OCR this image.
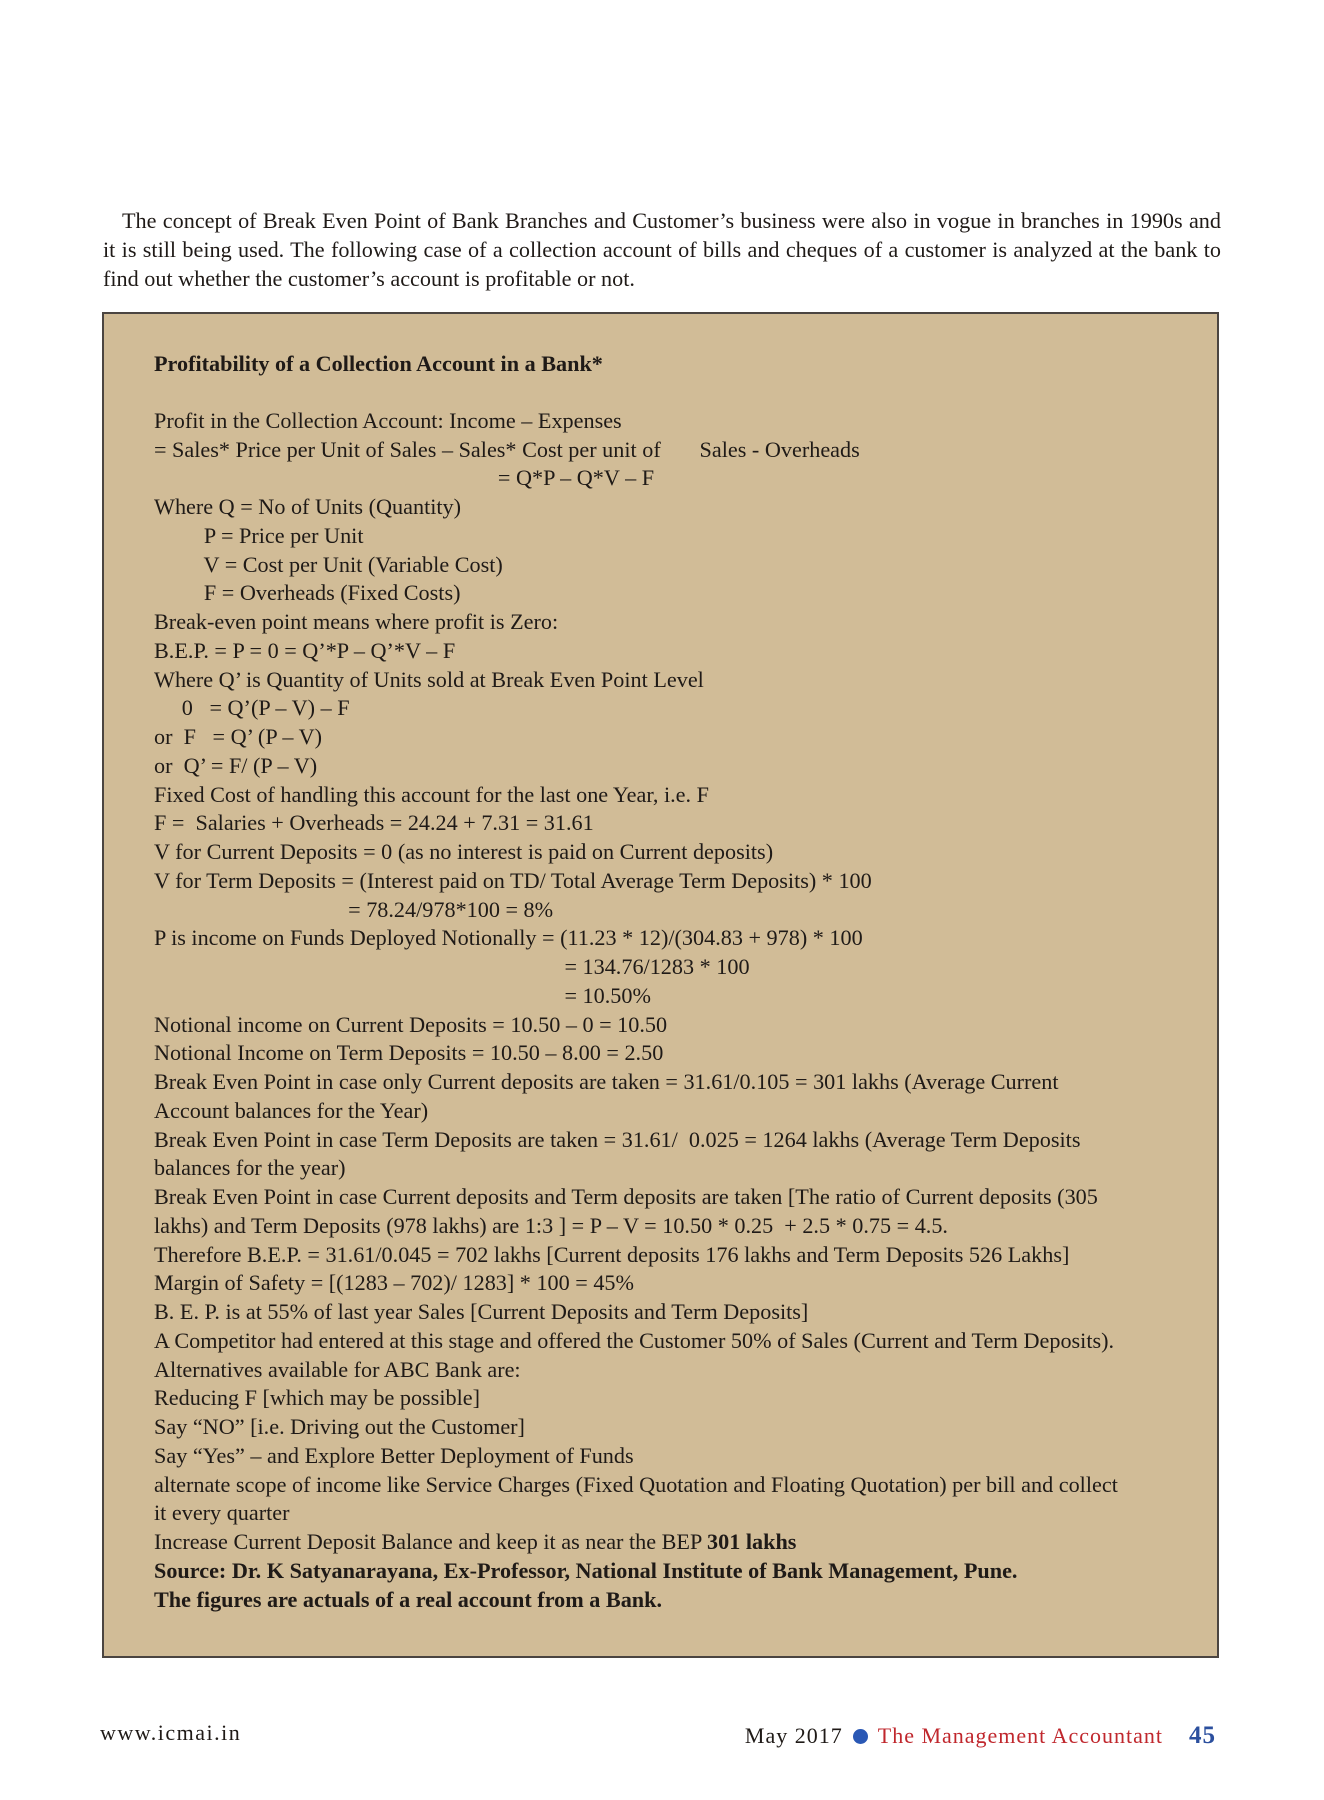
The concept of Break Even Point of Bank Branches and Customer’s business were also in vogue in branches in 1990s and it is still being used. The following case of a collection account of bills and cheques of a customer is analyzed at the bank to find out whether the customer’s account is profitable or not.

Profitability of a Collection Account in a Bank*
Profit in the Collection Account: Income – Expenses
= Sales* Price per Unit of Sales – Sales* Cost per unit of       Sales - Overheads
= Q*P – Q*V – F
Where Q = No of Units (Quantity)
P = Price per Unit
V = Cost per Unit (Variable Cost)
F = Overheads (Fixed Costs)
Break-even point means where profit is Zero:
B.E.P. = P = 0 = Q’*P – Q’*V – F
Where Q’ is Quantity of Units sold at Break Even Point Level
0   = Q’(P – V) – F
or  F   = Q’ (P – V)
or  Q’ = F/ (P – V)
Fixed Cost of handling this account for the last one Year, i.e. F
F =  Salaries + Overheads = 24.24 + 7.31 = 31.61
V for Current Deposits = 0 (as no interest is paid on Current deposits)
V for Term Deposits = (Interest paid on TD/ Total Average Term Deposits) * 100
= 78.24/978*100 = 8%
P is income on Funds Deployed Notionally = (11.23 * 12)/(304.83 + 978) * 100
= 134.76/1283 * 100
= 10.50%
Notional income on Current Deposits = 10.50 – 0 = 10.50
Notional Income on Term Deposits = 10.50 – 8.00 = 2.50
Break Even Point in case only Current deposits are taken = 31.61/0.105 = 301 lakhs (Average Current
Account balances for the Year)
Break Even Point in case Term Deposits are taken = 31.61/  0.025 = 1264 lakhs (Average Term Deposits
balances for the year)
Break Even Point in case Current deposits and Term deposits are taken [The ratio of Current deposits (305
lakhs) and Term Deposits (978 lakhs) are 1:3 ] = P – V = 10.50 * 0.25  + 2.5 * 0.75 = 4.5.
Therefore B.E.P. = 31.61/0.045 = 702 lakhs [Current deposits 176 lakhs and Term Deposits 526 Lakhs]
Margin of Safety = [(1283 – 702)/ 1283] * 100 = 45%
B. E. P. is at 55% of last year Sales [Current Deposits and Term Deposits]
A Competitor had entered at this stage and offered the Customer 50% of Sales (Current and Term Deposits).
Alternatives available for ABC Bank are:
Reducing F [which may be possible]
Say “NO” [i.e. Driving out the Customer]
Say “Yes” – and Explore Better Deployment of Funds
alternate scope of income like Service Charges (Fixed Quotation and Floating Quotation) per bill and collect
it every quarter
Increase Current Deposit Balance and keep it as near the BEP 301 lakhs
Source: Dr. K Satyanarayana, Ex-Professor, National Institute of Bank Management, Pune.
The figures are actuals of a real account from a Bank.
www.icmai.in	May 2017 The Management Accountant 45
